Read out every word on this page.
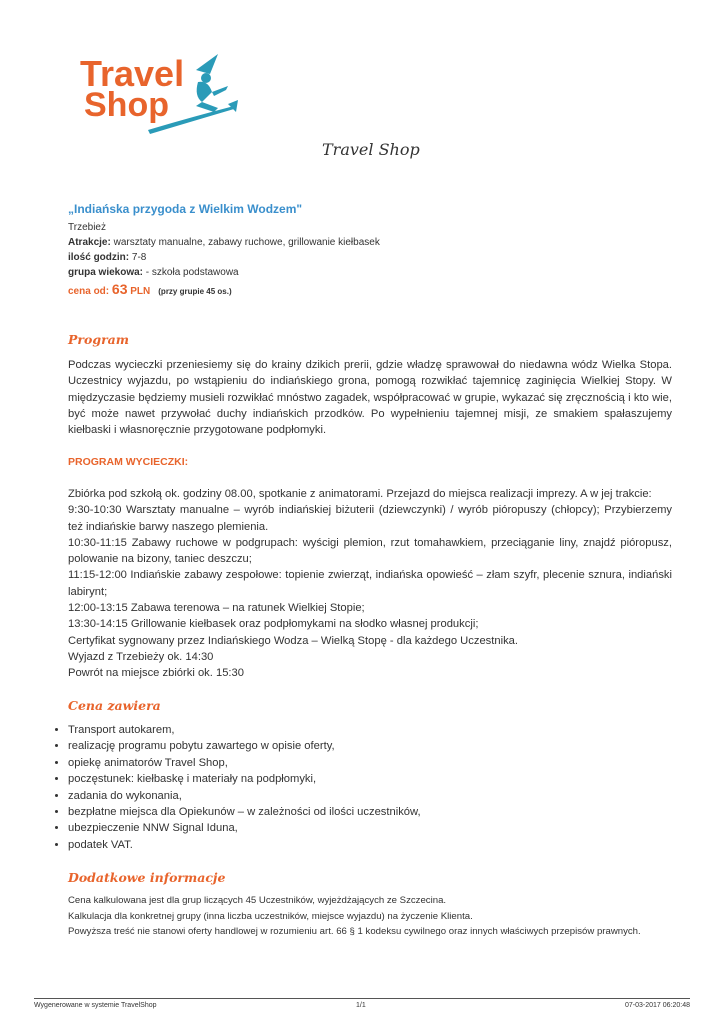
Travel
Shop
Travel Shop
„Indiańska przygoda z Wielkim Wodzem"
Trzebież
Atrakcje: warsztaty manualne, zabawy ruchowe, grillowanie kiełbasek
ilość godzin: 7-8
grupa wiekowa: - szkoła podstawowa
cena od: 63 PLN (przy grupie 45 os.)
Program

Podczas wycieczki przeniesiemy się do krainy dzikich prerii, gdzie władzę sprawował do niedawna wódz Wielka Stopa. Uczestnicy wyjazdu, po wstąpieniu do indiańskiego grona, pomogą rozwikłać tajemnicę zaginięcia Wielkiej Stopy. W międzyczasie będziemy musieli rozwikłać mnóstwo zagadek, współpracować w grupie, wykazać się zręcznością i kto wie, być może nawet przywołać duchy indiańskich przodków. Po wypełnieniu tajemnej misji, ze smakiem spałaszujemy kiełbaski i własnoręcznie przygotowane podpłomyki.

PROGRAM WYCIECZKI:

Zbiórka pod szkołą ok. godziny 08.00, spotkanie z animatorami. Przejazd do miejsca realizacji imprezy. A w jej trakcie:

9:30-10:30 Warsztaty manualne – wyrób indiańskiej biżuterii (dziewczynki) / wyrób pióropuszy (chłopcy); Przybierzemy też indiańskie barwy naszego plemienia.

10:30-11:15 Zabawy ruchowe w podgrupach: wyścigi plemion, rzut tomahawkiem, przeciąganie liny, znajdź pióropusz, polowanie na bizony, taniec deszczu;

11:15-12:00 Indiańskie zabawy zespołowe: topienie zwierząt, indiańska opowieść – złam szyfr, plecenie sznura, indiański labirynt;

12:00-13:15 Zabawa terenowa – na ratunek Wielkiej Stopie;

13:30-14:15 Grillowanie kiełbasek oraz podpłomykami na słodko własnej produkcji;

Certyfikat sygnowany przez Indiańskiego Wodza – Wielką Stopę - dla każdego Uczestnika.

Wyjazd z Trzebieży ok. 14:30

Powrót na miejsce zbiórki ok. 15:30

Cena zawiera
• Transport autokarem,
• realizację programu pobytu zawartego w opisie oferty,
• opiekę animatorów Travel Shop,
• poczęstunek: kiełbaskę i materiały na podpłomyki,
• zadania do wykonania,
• bezpłatne miejsca dla Opiekunów – w zależności od ilości uczestników,
• ubezpieczenie NNW Signal Iduna,
• podatek VAT.
Dodatkowe informacje

Cena kalkulowana jest dla grup liczących 45 Uczestników, wyjeżdżających ze Szczecina.

Kalkulacja dla konkretnej grupy (inna liczba uczestników, miejsce wyjazdu) na życzenie Klienta.

Powyższa treść nie stanowi oferty handlowej w rozumieniu art. 66 § 1 kodeksu cywilnego oraz innych właściwych przepisów prawnych.

Wygenerowane w systemie TravelShop	1/1	07-03-2017 06:20:48
